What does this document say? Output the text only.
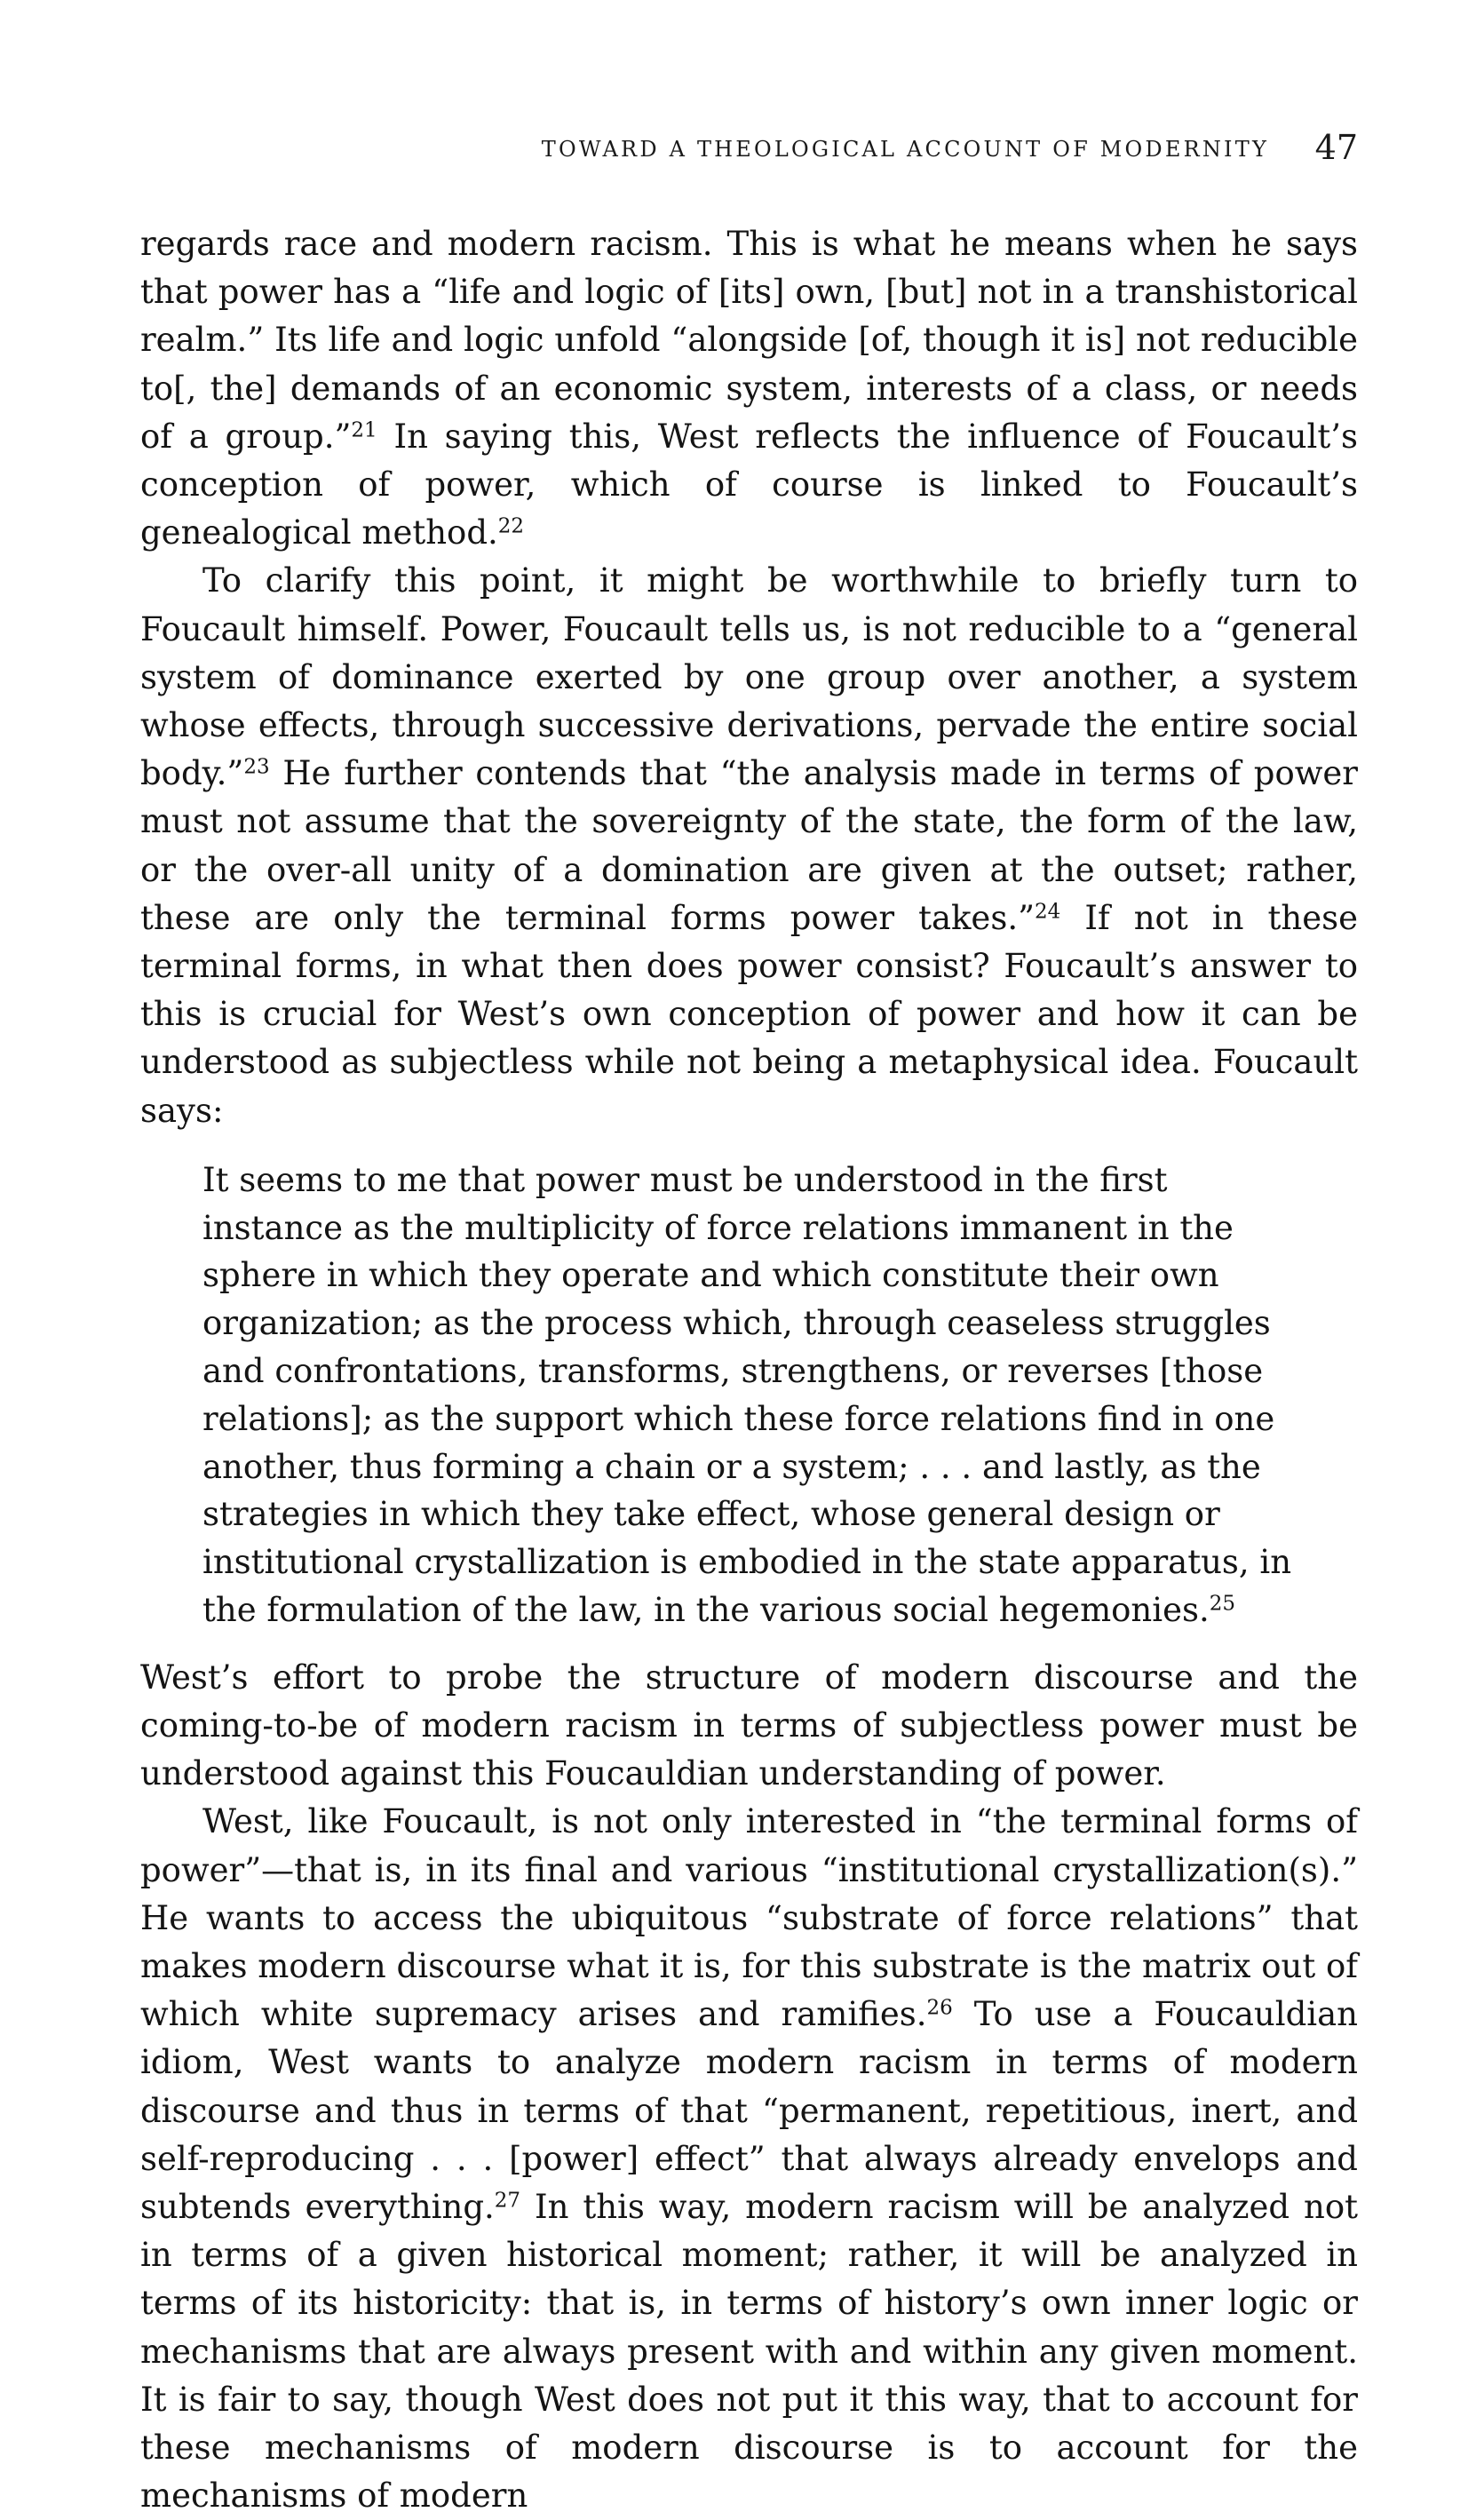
TOWARD A THEOLOGICAL ACCOUNT OF MODERNITY 47

regards race and modern racism. This is what he means when he says that power has a “life and logic of [its] own, [but] not in a transhistorical realm.” Its life and logic unfold “alongside [of, though it is] not reducible to[, the] demands of an economic system, interests of a class, or needs of a group.”$^{21}$ In saying this, West reflects the influence of Foucault’s conception of power, which of course is linked to Foucault’s genealogical method.$^{22}$

To clarify this point, it might be worthwhile to briefly turn to Foucault himself. Power, Foucault tells us, is not reducible to a “general system of dominance exerted by one group over another, a system whose effects, through successive derivations, pervade the entire social body.”$^{23}$ He further contends that “the analysis made in terms of power must not assume that the sovereignty of the state, the form of the law, or the over-all unity of a domination are given at the outset; rather, these are only the terminal forms power takes.”$^{24}$ If not in these terminal forms, in what then does power consist? Foucault’s answer to this is crucial for West’s own conception of power and how it can be understood as subjectless while not being a metaphysical idea. Foucault says:

It seems to me that power must be understood in the first instance as the multiplicity of force relations immanent in the sphere in which they operate and which constitute their own organization; as the process which, through ceaseless struggles and confrontations, transforms, strengthens, or reverses [those relations]; as the support which these force relations find in one another, thus forming a chain or a system; . . . and lastly, as the strategies in which they take effect, whose general design or institutional crystallization is embodied in the state apparatus, in the formulation of the law, in the various social hegemonies.$^{25}$

West’s effort to probe the structure of modern discourse and the coming-to-be of modern racism in terms of subjectless power must be understood against this Foucauldian understanding of power.

West, like Foucault, is not only interested in “the terminal forms of power”—that is, in its final and various “institutional crystallization(s).” He wants to access the ubiquitous “substrate of force relations” that makes modern discourse what it is, for this substrate is the matrix out of which white supremacy arises and ramifies.$^{26}$ To use a Foucauldian idiom, West wants to analyze modern racism in terms of modern discourse and thus in terms of that “permanent, repetitious, inert, and self-reproducing . . . [power] effect” that always already envelops and subtends everything.$^{27}$ In this way, modern racism will be analyzed not in terms of a given historical moment; rather, it will be analyzed in terms of its historicity: that is, in terms of history’s own inner logic or mechanisms that are always present with and within any given moment. It is fair to say, though West does not put it this way, that to account for these mechanisms of modern discourse is to account for the mechanisms of modern
